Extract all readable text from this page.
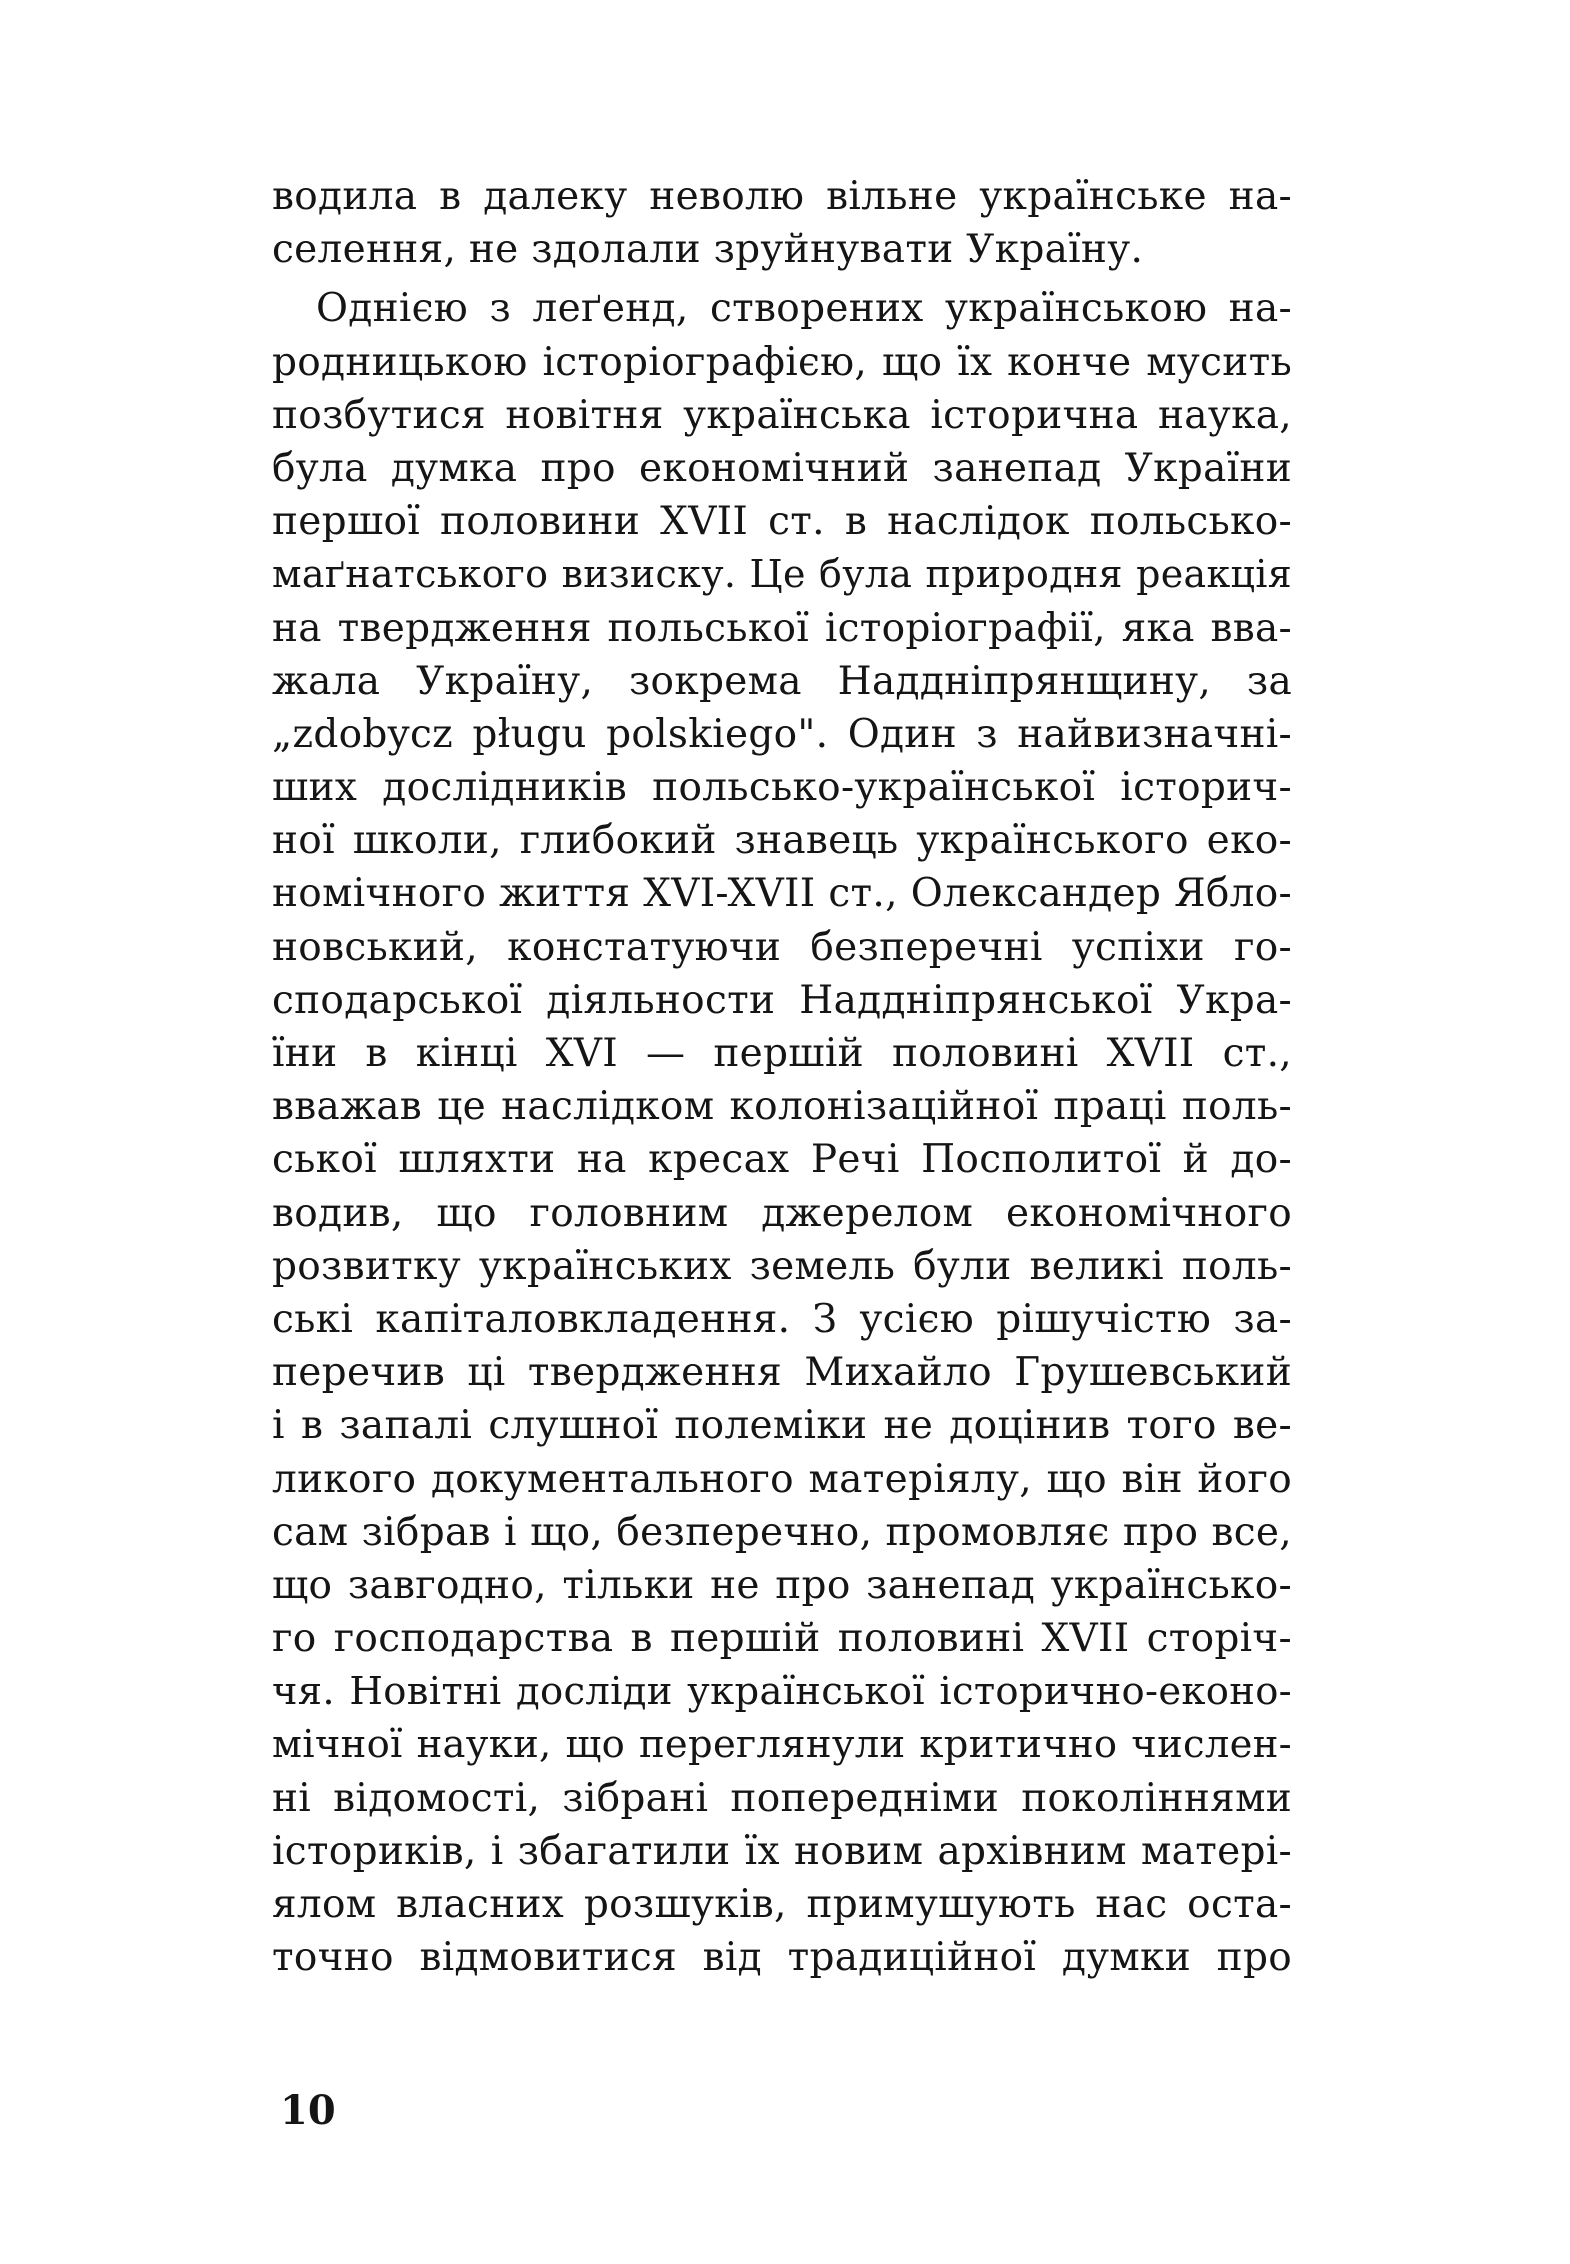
водила в далеку неволю вільне українське на-
селення, не здолали зруйнувати Україну.
Однією з леґенд, створених українською на-
родницькою історіографією, що їх конче мусить
позбутися новітня українська історична наука,
була думка про економічний занепад України
першої половини XVII ст. в наслідок польсько-
маґнатського визиску. Це була природня реакція
на твердження польської історіографії, яка вва-
жала Україну, зокрема Наддніпрянщину, за
„zdobycz pługu polskiego". Один з найвизначні-
ших дослідників польсько-української історич-
ної школи, глибокий знавець українського еко-
номічного життя XVI-XVII ст., Олександер Ябло-
новський, констатуючи безперечні успіхи го-
сподарської діяльности Наддніпрянської Укра-
їни в кінці XVI — першій половині XVII ст.,
вважав це наслідком колонізаційної праці поль-
ської шляхти на кресах Речі Посполитої й до-
водив, що головним джерелом економічного
розвитку українських земель були великі поль-
ські капіталовкладення. З усією рішучістю за-
перечив ці твердження Михайло Грушевський
і в запалі слушної полеміки не доцінив того ве-
ликого документального матеріялу, що він його
сам зібрав і що, безперечно, промовляє про все,
що завгодно, тільки не про занепад українсько-
го господарства в першій половині XVII сторіч-
чя. Новітні досліди української історично-еконо-
мічної науки, що переглянули критично числен-
ні відомості, зібрані попередніми поколіннями
істориків, і збагатили їх новим архівним матері-
ялом власних розшуків, примушують нас оста-
точно відмовитися від традиційної думки про
10
